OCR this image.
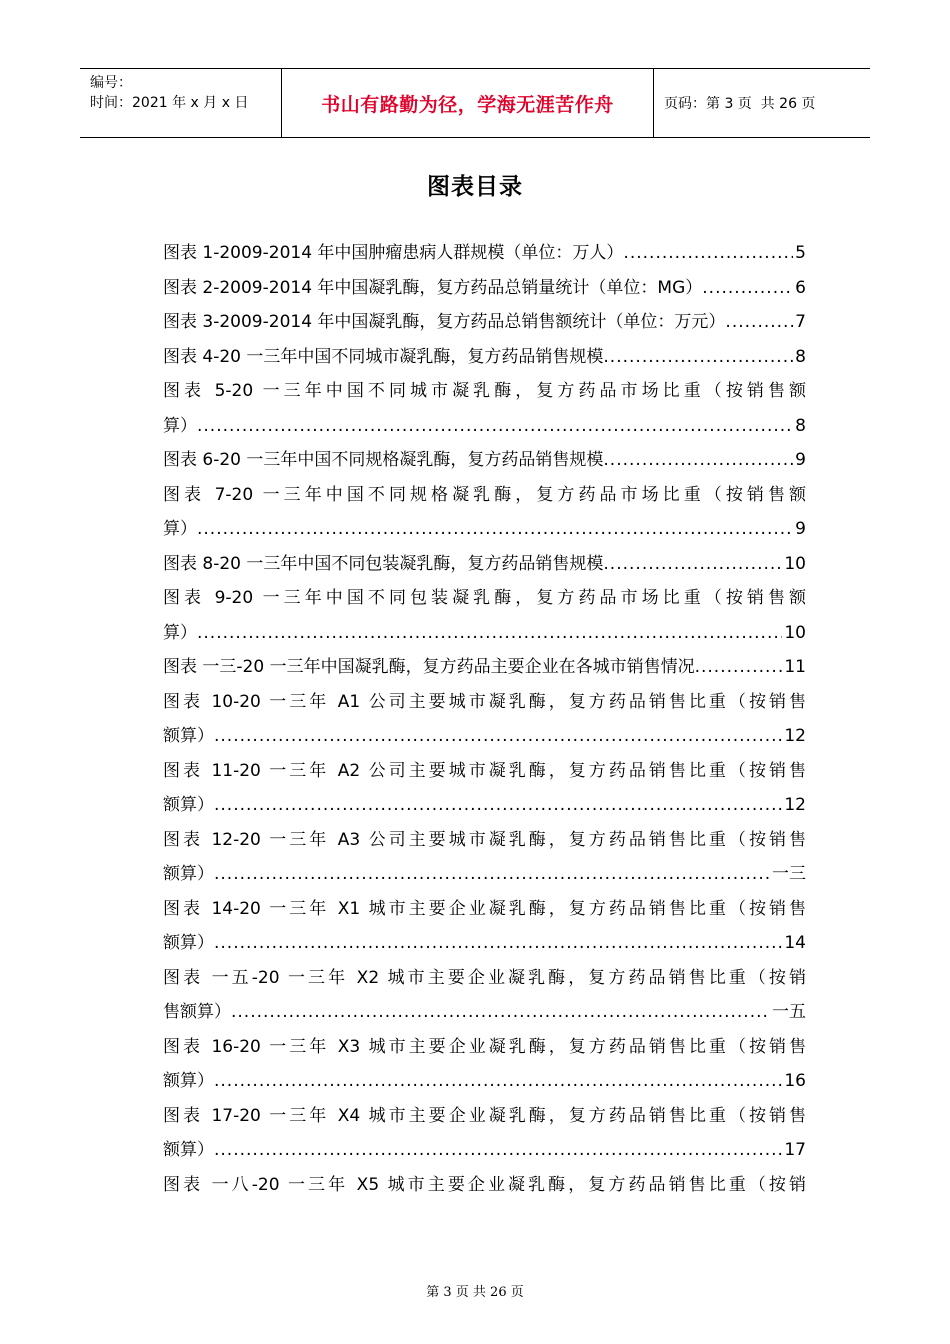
编号：
时间：2021 年 x 月 x 日	书山有路勤为径，学海无涯苦作舟	页码：第 3 页  共 26 页
图表目录
图表 1-2009-2014 年中国肿瘤患病人群规模（单位：万人） .....	5
图表 2-2009-2014 年中国凝乳酶，复方药品总销量统计（单位：MG） .....	6
图表 3-2009-2014 年中国凝乳酶，复方药品总销售额统计（单位：万元） .....	7
图表 4-20 一三年中国不同城市凝乳酶，复方药品销售规模 .....	8
图表 5-20 一三年中国不同城市凝乳酶，复方药品市场比重（按销售额
算） .....	8
图表 6-20 一三年中国不同规格凝乳酶，复方药品销售规模 .....	9
图表 7-20 一三年中国不同规格凝乳酶，复方药品市场比重（按销售额
算） .....	9
图表 8-20 一三年中国不同包装凝乳酶，复方药品销售规模 .....	10
图表 9-20 一三年中国不同包装凝乳酶，复方药品市场比重（按销售额
算） .....	10
图表 一三-20 一三年中国凝乳酶，复方药品主要企业在各城市销售情况 .....	11
图表 10-20 一三年 A1 公司主要城市凝乳酶，复方药品销售比重（按销售
额算） .....	12
图表 11-20 一三年 A2 公司主要城市凝乳酶，复方药品销售比重（按销售
额算） .....	12
图表 12-20 一三年 A3 公司主要城市凝乳酶，复方药品销售比重（按销售
额算） .....	一三
图表 14-20 一三年 X1 城市主要企业凝乳酶，复方药品销售比重（按销售
额算） .....	14
图表 一五-20 一三年 X2 城市主要企业凝乳酶，复方药品销售比重（按销
售额算） .....	一五
图表 16-20 一三年 X3 城市主要企业凝乳酶，复方药品销售比重（按销售
额算） .....	16
图表 17-20 一三年 X4 城市主要企业凝乳酶，复方药品销售比重（按销售
额算） .....	17
图表 一八-20 一三年 X5 城市主要企业凝乳酶，复方药品销售比重（按销
第 3 页 共 26 页
